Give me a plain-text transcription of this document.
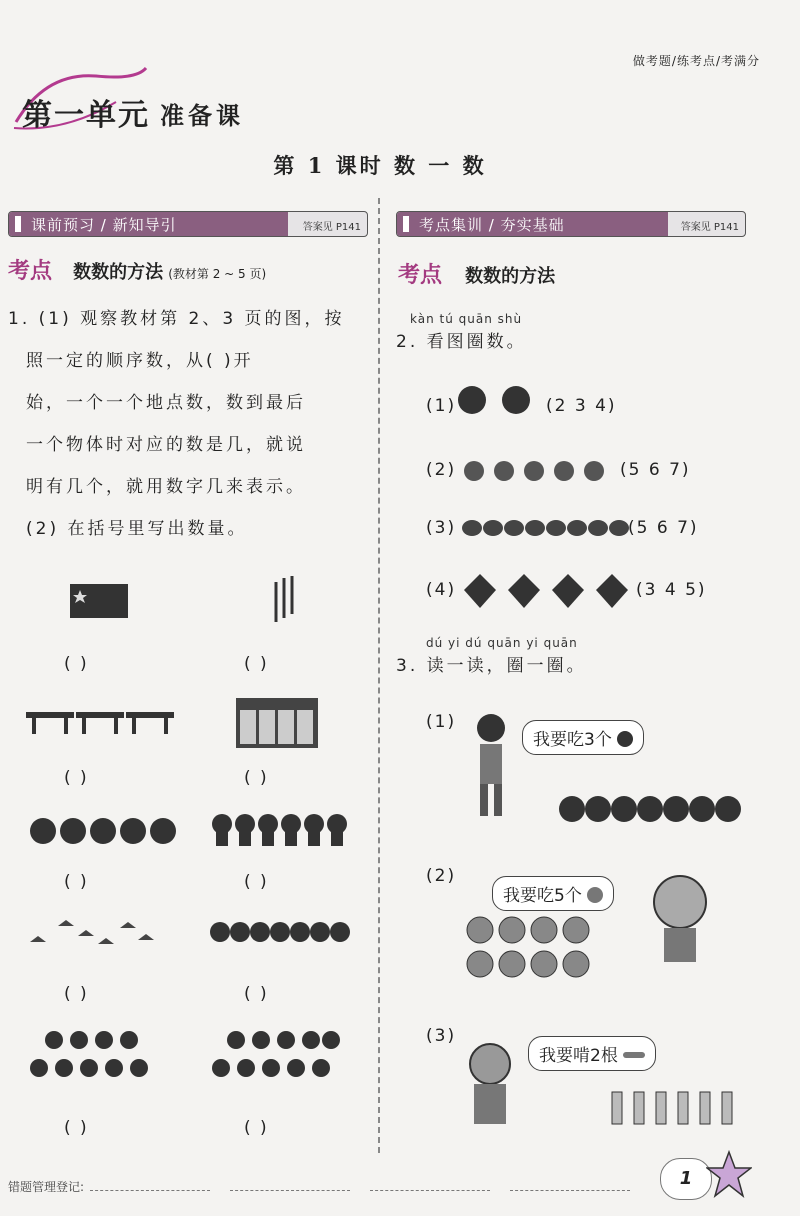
做考题/练考点/考满分
第一单元 准备课
第 1 课时 数 一 数
课前预习 / 新知导引	答案见 P141
考点 数数的方法 (教材第 2 ~ 5 页)
1. (1) 观察教材第 2、3 页的图，按
照一定的顺序数，从( )开
始，一个一个地点数，数到最后
一个物体时对应的数是几，就说
明有几个，就用数字几来表示。
(2) 在括号里写出数量。
( )	( )
( )	( )
( )	( )
( )	( )
( )	( )
考点集训 / 夯实基础	答案见 P141
考点 数数的方法
kàn tú quān shù
2. 看图圈数。
(1)	(2 3 4)
(2)	(5 6 7)
(3)	(5 6 7)
(4)	(3 4 5)
dú yi dú quān yi quān
3. 读一读，圈一圈。
(1)
我要吃3个
(2)
我要吃5个
(3)
我要啃2根
错题管理登记:	1
